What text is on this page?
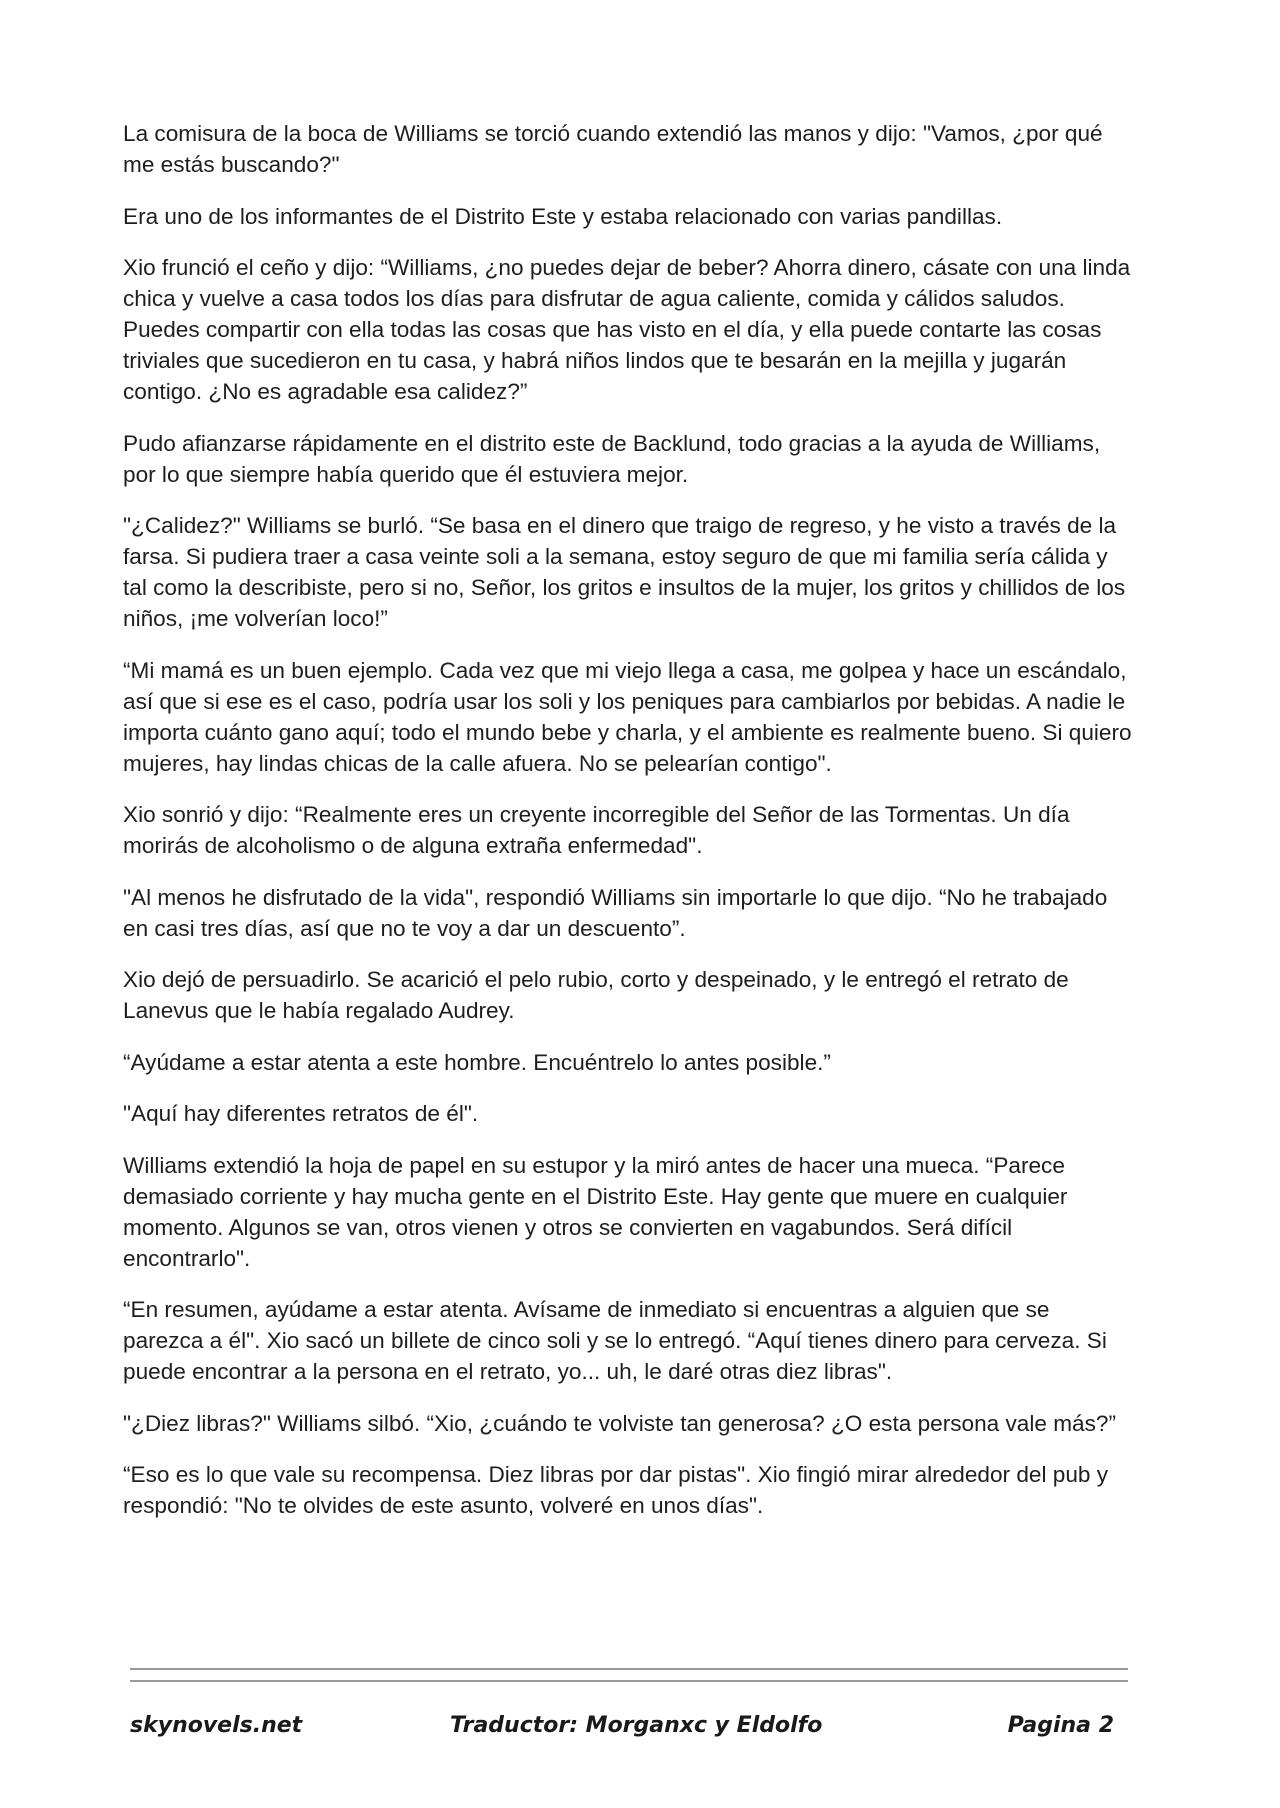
La comisura de la boca de Williams se torció cuando extendió las manos y dijo: "Vamos, ¿por qué me estás buscando?"

Era uno de los informantes de el Distrito Este y estaba relacionado con varias pandillas.

Xio frunció el ceño y dijo: “Williams, ¿no puedes dejar de beber? Ahorra dinero, cásate con una linda chica y vuelve a casa todos los días para disfrutar de agua caliente, comida y cálidos saludos. Puedes compartir con ella todas las cosas que has visto en el día, y ella puede contarte las cosas triviales que sucedieron en tu casa, y habrá niños lindos que te besarán en la mejilla y jugarán contigo. ¿No es agradable esa calidez?”

Pudo afianzarse rápidamente en el distrito este de Backlund, todo gracias a la ayuda de Williams, por lo que siempre había querido que él estuviera mejor.

"¿Calidez?" Williams se burló. “Se basa en el dinero que traigo de regreso, y he visto a través de la farsa. Si pudiera traer a casa veinte soli a la semana, estoy seguro de que mi familia sería cálida y tal como la describiste, pero si no, Señor, los gritos e insultos de la mujer, los gritos y chillidos de los niños, ¡me volverían loco!”

“Mi mamá es un buen ejemplo. Cada vez que mi viejo llega a casa, me golpea y hace un escándalo, así que si ese es el caso, podría usar los soli y los peniques para cambiarlos por bebidas. A nadie le importa cuánto gano aquí; todo el mundo bebe y charla, y el ambiente es realmente bueno. Si quiero mujeres, hay lindas chicas de la calle afuera. No se pelearían contigo".

Xio sonrió y dijo: “Realmente eres un creyente incorregible del Señor de las Tormentas. Un día morirás de alcoholismo o de alguna extraña enfermedad".

"Al menos he disfrutado de la vida", respondió Williams sin importarle lo que dijo. “No he trabajado en casi tres días, así que no te voy a dar un descuento”.

Xio dejó de persuadirlo. Se acarició el pelo rubio, corto y despeinado, y le entregó el retrato de Lanevus que le había regalado Audrey.

“Ayúdame a estar atenta a este hombre. Encuéntrelo lo antes posible.”

"Aquí hay diferentes retratos de él".

Williams extendió la hoja de papel en su estupor y la miró antes de hacer una mueca. “Parece demasiado corriente y hay mucha gente en el Distrito Este. Hay gente que muere en cualquier momento. Algunos se van, otros vienen y otros se convierten en vagabundos. Será difícil encontrarlo".

“En resumen, ayúdame a estar atenta. Avísame de inmediato si encuentras a alguien que se parezca a él". Xio sacó un billete de cinco soli y se lo entregó. “Aquí tienes dinero para cerveza. Si puede encontrar a la persona en el retrato, yo... uh, le daré otras diez libras".

"¿Diez libras?" Williams silbó. “Xio, ¿cuándo te volviste tan generosa? ¿O esta persona vale más?”

“Eso es lo que vale su recompensa. Diez libras por dar pistas". Xio fingió mirar alrededor del pub y respondió: "No te olvides de este asunto, volveré en unos días".

skynovels.net	Traductor: Morganxc y Eldolfo	Pagina 2
